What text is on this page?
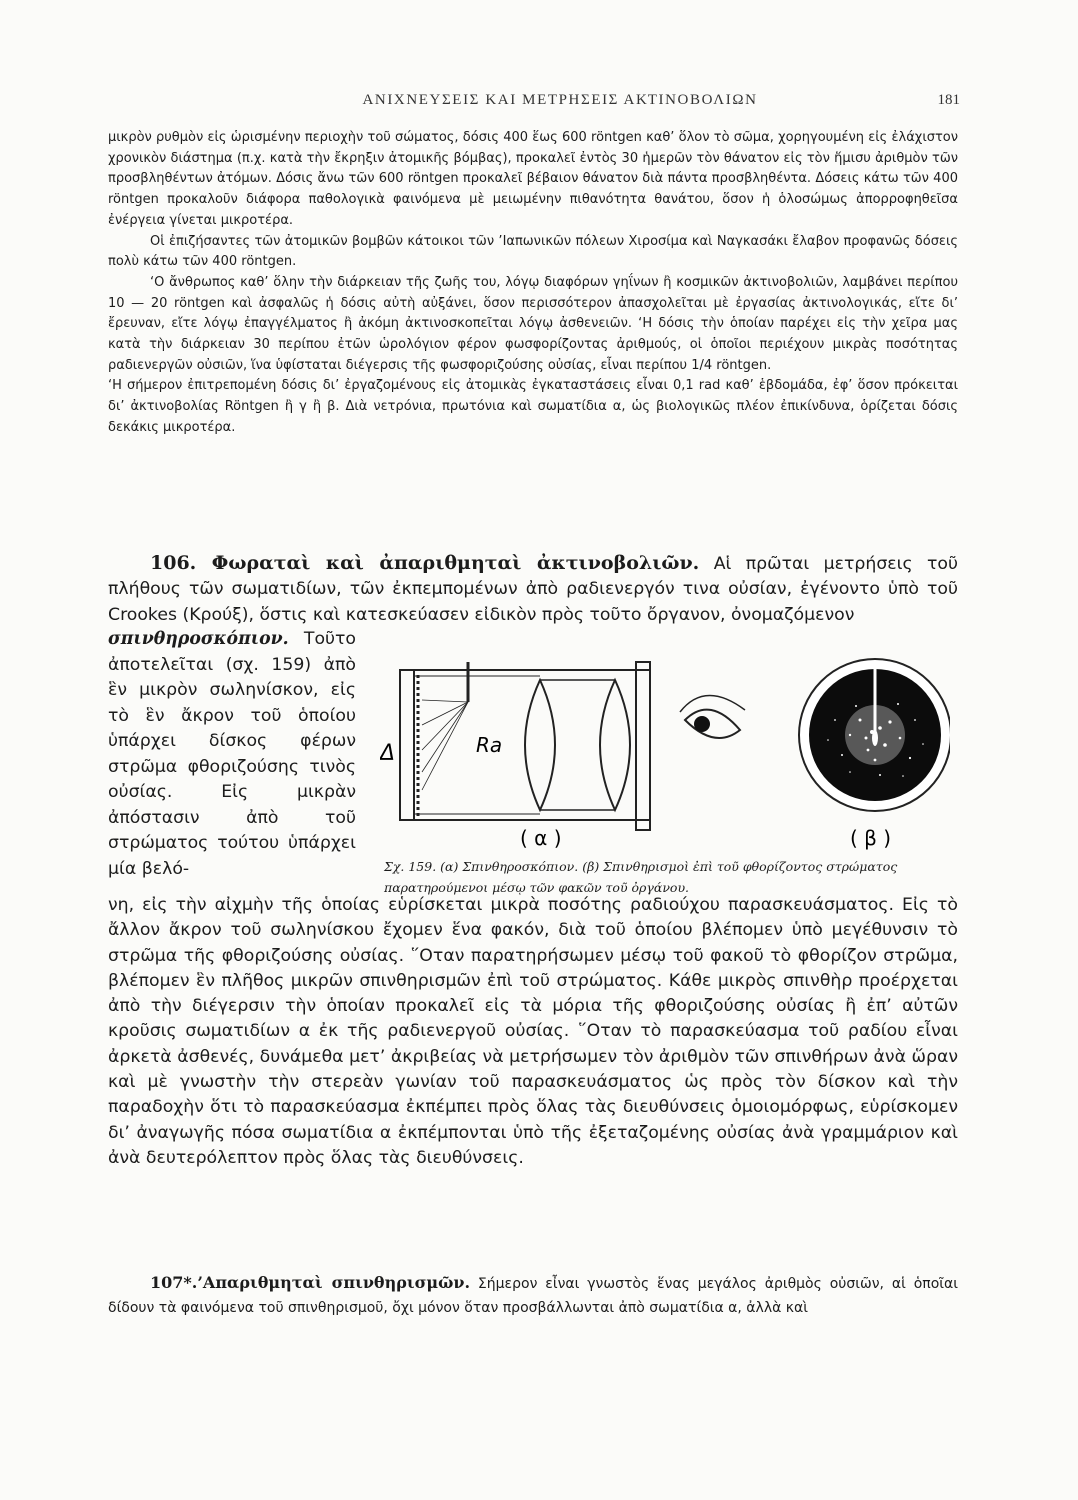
ΑΝΙΧΝΕΥΣΕΙΣ ΚΑΙ ΜΕΤΡΗΣΕΙΣ ΑΚΤΙΝΟΒΟΛΙΩΝ	181

μικρὸν ρυθμὸν εἰς ὡρισμένην περιοχὴν τοῦ σώματος, δόσις 400 ἕως 600 röntgen καθ’ ὅλον τὸ σῶμα, χορηγουμένη εἰς ἐλάχιστον χρονικὸν διάστημα (π.χ. κατὰ τὴν ἔκρηξιν ἀτομικῆς βόμβας), προκαλεῖ ἐντὸς 30 ἡμερῶν τὸν θάνατον εἰς τὸν ἥμισυ ἀριθμὸν τῶν προσβληθέντων ἀτόμων. Δόσις ἄνω τῶν 600 röntgen προκαλεῖ βέβαιον θάνατον διὰ πάντα προσβληθέντα. Δόσεις κάτω τῶν 400 röntgen προκαλοῦν διάφορα παθολογικὰ φαινόμενα μὲ μειωμένην πιθανότητα θανάτου, ὅσον ἡ ὁλοσώμως ἀπορροφηθεῖσα ἐνέργεια γίνεται μικροτέρα.

Οἱ ἐπιζήσαντες τῶν ἀτομικῶν βομβῶν κάτοικοι τῶν ’Ιαπωνικῶν πόλεων Χιροσίμα καὶ Ναγκασάκι ἔλαβον προφανῶς δόσεις πολὺ κάτω τῶν 400 röntgen.

‘Ο ἄνθρωπος καθ’ ὅλην τὴν διάρκειαν τῆς ζωῆς του, λόγῳ διαφόρων γηΐνων ἢ κοσμικῶν ἀκτινοβολιῶν, λαμβάνει περίπου 10 — 20 röntgen καὶ ἀσφαλῶς ἡ δόσις αὐτὴ αὐξάνει, ὅσον περισσότερον ἀπασχολεῖται μὲ ἐργασίας ἀκτινολογικάς, εἴτε δι’ ἔρευναν, εἴτε λόγῳ ἐπαγγέλματος ἢ ἀκόμη ἀκτινοσκοπεῖται λόγῳ ἀσθενειῶν. ‘Η δόσις τὴν ὁποίαν παρέχει εἰς τὴν χεῖρα μας κατὰ τὴν διάρκειαν 30 περίπου ἐτῶν ὡρολόγιον φέρον φωσφορίζοντας ἀριθμούς, οἱ ὁποῖοι περιέχουν μικρὰς ποσότητας ραδιενεργῶν οὐσιῶν, ἵνα ὑφίσταται διέγερσις τῆς φωσφοριζούσης οὐσίας, εἶναι περίπου 1/4 röntgen.

‘Η σήμερον ἐπιτρεπομένη δόσις δι’ ἐργαζομένους εἰς ἀτομικὰς ἐγκαταστάσεις εἶναι 0,1 rad καθ’ ἑβδομάδα, ἐφ’ ὅσον πρόκειται δι’ ἀκτινοβολίας Röntgen ἢ γ ἢ β. Διὰ νετρόνια, πρωτόνια καὶ σωματίδια α, ὡς βιολογικῶς πλέον ἐπικίνδυνα, ὁρίζεται δόσις δεκάκις μικροτέρα.

106. Φωραταὶ καὶ ἀπαριθμηταὶ ἀκτινοβολιῶν. Αἱ πρῶται μετρήσεις τοῦ πλήθους τῶν σωματιδίων, τῶν ἐκπεμπομένων ἀπὸ ραδιενεργόν τινα οὐσίαν, ἐγένοντο ὑπὸ τοῦ Crookes (Κρούξ), ὅστις καὶ κατεσκεύασεν εἰδικὸν πρὸς τοῦτο ὄργανον, ὀνομαζόμενον

σπινθηροσκόπιον. Τοῦτο ἀποτελεῖται (σχ. 159) ἀπὸ ἓν μικρὸν σωληνίσκον, εἰς τὸ ἓν ἄκρον τοῦ ὁποίου ὑπάρχει δίσκος φέρων στρῶμα φθοριζούσης τινὸς οὐσίας. Εἰς μικρὰν ἀπόστασιν ἀπὸ τοῦ στρώματος τούτου ὑπάρχει μία βελό-

Δ	Ra
( α )	( β )
Σχ. 159. (α) Σπινθηροσκόπιον. (β) Σπινθηρισμοὶ ἐπὶ τοῦ φθορίζοντος στρώματος παρατηρούμενοι μέσῳ τῶν φακῶν τοῦ ὀργάνου.

νη, εἰς τὴν αἰχμὴν τῆς ὁποίας εὑρίσκεται μικρὰ ποσότης ραδιούχου παρασκευάσματος. Εἰς τὸ ἄλλον ἄκρον τοῦ σωληνίσκου ἔχομεν ἕνα φακόν, διὰ τοῦ ὁποίου βλέπομεν ὑπὸ μεγέθυνσιν τὸ στρῶμα τῆς φθοριζούσης οὐσίας. ῞Οταν παρατηρήσωμεν μέσῳ τοῦ φακοῦ τὸ φθορίζον στρῶμα, βλέπομεν ἓν πλῆθος μικρῶν σπινθηρισμῶν ἐπὶ τοῦ στρώματος. Κάθε μικρὸς σπινθὴρ προέρχεται ἀπὸ τὴν διέγερσιν τὴν ὁποίαν προκαλεῖ εἰς τὰ μόρια τῆς φθοριζούσης οὐσίας ἢ ἐπ’ αὐτῶν κροῦσις σωματιδίων α ἐκ τῆς ραδιενεργοῦ οὐσίας. ῞Οταν τὸ παρασκεύασμα τοῦ ραδίου εἶναι ἀρκετὰ ἀσθενές, δυνάμεθα μετ’ ἀκριβείας νὰ μετρήσωμεν τὸν ἀριθμὸν τῶν σπινθήρων ἀνὰ ὥραν καὶ μὲ γνωστὴν τὴν στερεὰν γωνίαν τοῦ παρασκευάσματος ὡς πρὸς τὸν δίσκον καὶ τὴν παραδοχὴν ὅτι τὸ παρασκεύασμα ἐκπέμπει πρὸς ὅλας τὰς διευθύνσεις ὁμοιομόρφως, εὑρίσκομεν δι’ ἀναγωγῆς πόσα σωματίδια α ἐκπέμπονται ὑπὸ τῆς ἐξεταζομένης οὐσίας ἀνὰ γραμμάριον καὶ ἀνὰ δευτερόλεπτον πρὸς ὅλας τὰς διευθύνσεις.

107*.’Απαριθμηταὶ σπινθηρισμῶν. Σήμερον εἶναι γνωστὸς ἕνας μεγάλος ἀριθμὸς οὐσιῶν, αἱ ὁποῖαι δίδουν τὰ φαινόμενα τοῦ σπινθηρισμοῦ, ὄχι μόνον ὅταν προσβάλλωνται ἀπὸ σωματίδια α, ἀλλὰ καὶ
